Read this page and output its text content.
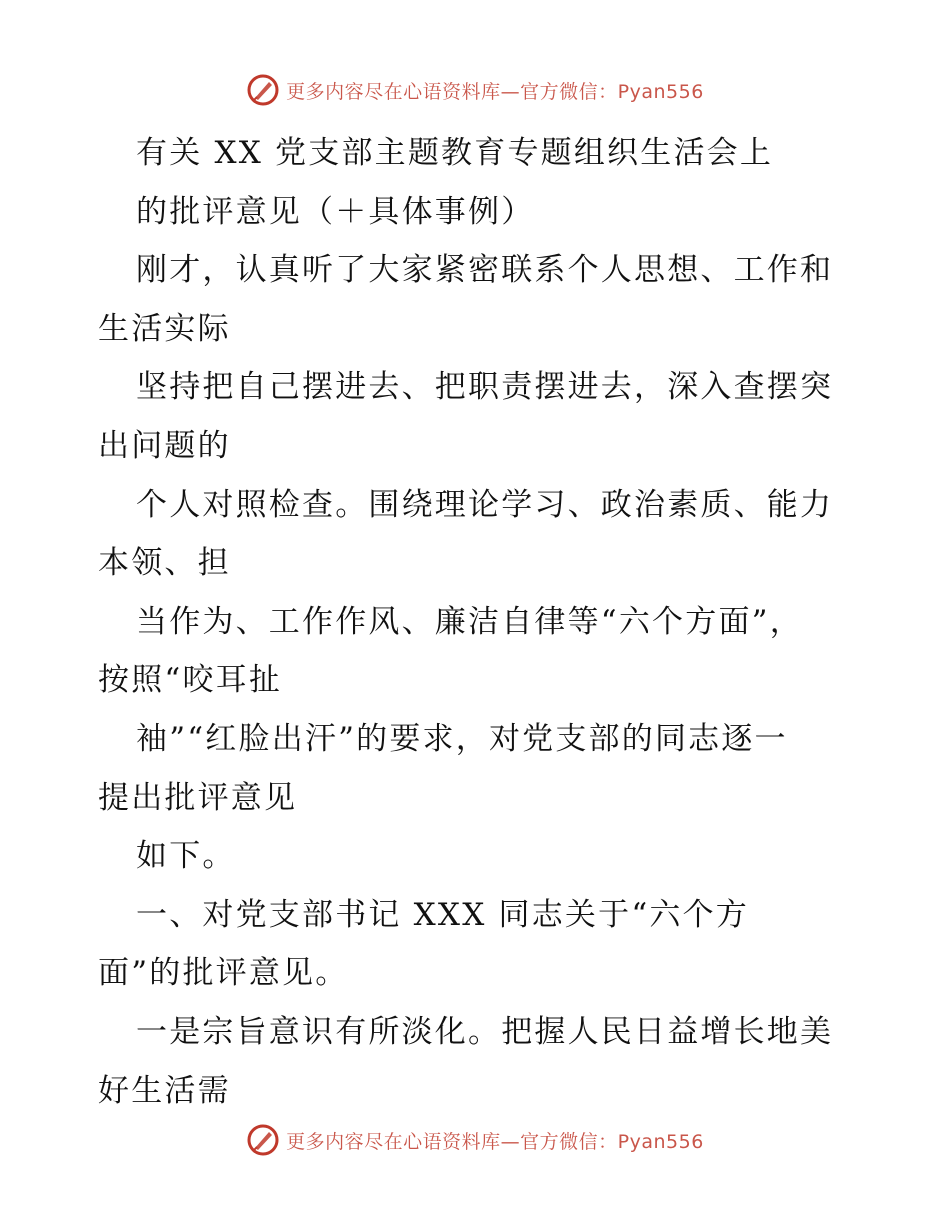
更多内容尽在心语资料库—官方微信：Pyan556
有关 XX 党支部主题教育专题组织生活会上
的批评意见（＋具体事例）
刚才，认真听了大家紧密联系个人思想、工作和
生活实际
坚持把自己摆进去、把职责摆进去，深入查摆突
出问题的
个人对照检查。围绕理论学习、政治素质、能力
本领、担
当作为、工作作风、廉洁自律等“六个方面”，
按照“咬耳扯
袖”“红脸出汗”的要求，对党支部的同志逐一
提出批评意见
如下。
一、对党支部书记 XXX 同志关于“六个方
面”的批评意见。
一是宗旨意识有所淡化。把握人民日益增长地美
好生活需
更多内容尽在心语资料库—官方微信：Pyan556
